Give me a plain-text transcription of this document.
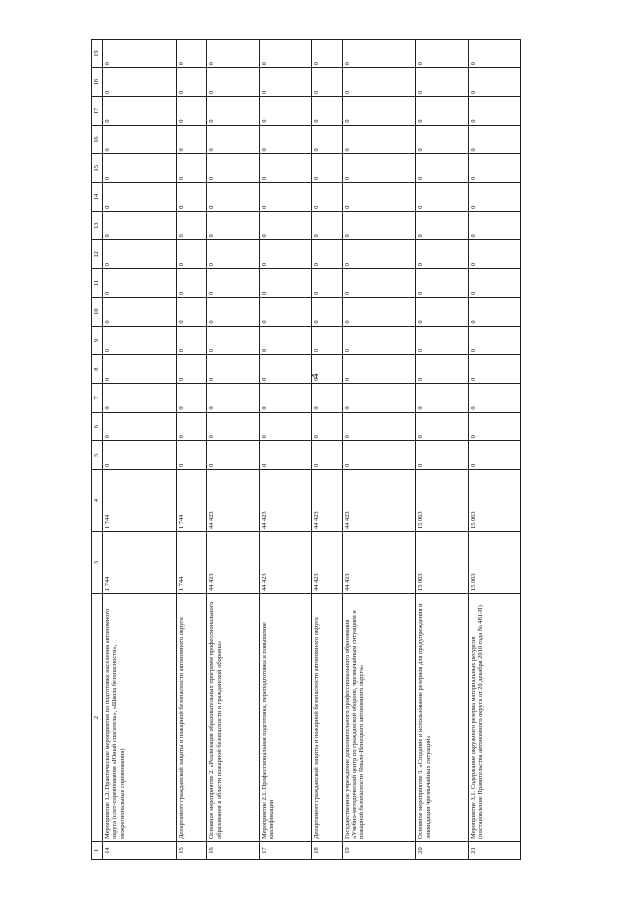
4
1	2	3	4	5	6	7	8	9	10	11	12	13	14	15	16	17	18	19
14	Мероприятие 1.2. Практические мероприятия по подготовке населения автономного округа (слет-соревнования «Юный спасатель», «Школа безопасности», межрегиональные соревнования)	1 744	1 744	0	0	0	0	0	0	0	0	0	0	0	0	0	0	0
15	Департамент гражданской защиты и пожарной безопасности автономного округа	1 744	1 744	0	0	0	0	0	0	0	0	0	0	0	0	0	0	0
16	Основное мероприятие 2. «Реализация образовательных программ профессионального образования в области пожарной безопасности и гражданской обороны»	44 423	44 423	0	0	0	0	0	0	0	0	0	0	0	0	0	0	0
17	Мероприятие 2.1. Профессиональная подготовка, переподготовка и повышение квалификации	44 423	44 423	0	0	0	0	0	0	0	0	0	0	0	0	0	0	0
18	Департамент гражданской защиты и пожарной безопасности автономного округа	44 423	44 423	0	0	0	0	0	0	0	0	0	0	0	0	0	0	0
19	Государственное учреждение дополнительного профессионального образования «Учебно-методический центр по гражданской обороне, чрезвычайным ситуациям и пожарной безопасности Ямало-Ненецкого автономного округа»	44 423	44 423	0	0	0	0	0	0	0	0	0	0	0	0	0	0	0
20	Основное мероприятие 3. «Создание и использование резервов для предупреждения и ликвидации чрезвычайных ситуаций»	15 063	15 063	0	0	0	0	0	0	0	0	0	0	0	0	0	0	0
21	Мероприятие 3.1. Содержание окружного резерва материальных ресурсов (постановление Правительства автономного округа от 20 декабря 2010 года № 481-П)	15 063	15 063	0	0	0	0	0	0	0	0	0	0	0	0	0	0	0
